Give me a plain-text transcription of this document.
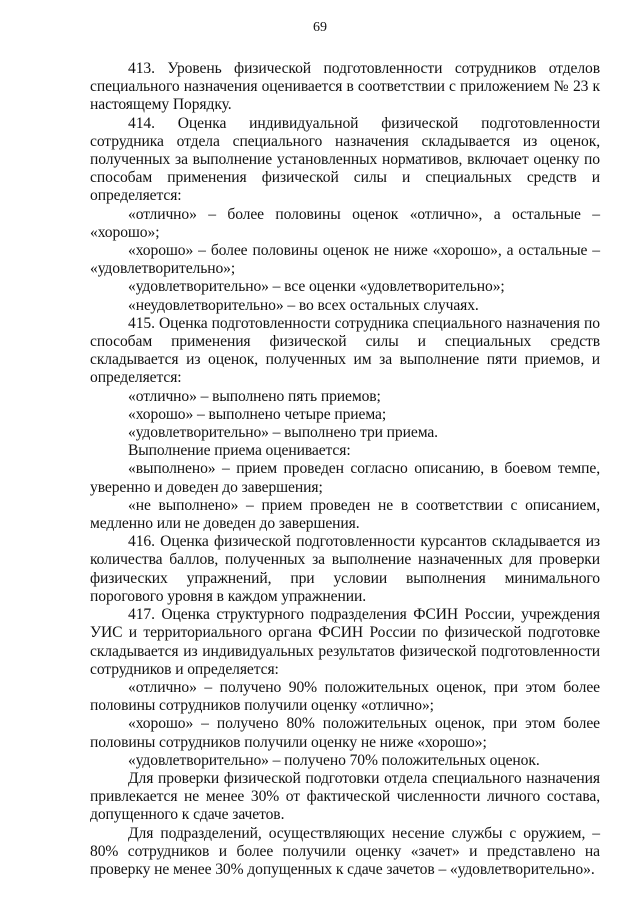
69

413. Уровень физической подготовленности сотрудников отделов специального назначения оценивается в соответствии с приложением № 23 к настоящему Порядку.

414. Оценка индивидуальной физической подготовленности сотрудника отдела специального назначения складывается из оценок, полученных за выполнение установленных нормативов, включает оценку по способам применения физической силы и специальных средств и определяется:

«отлично» – более половины оценок «отлично», а остальные – «хорошо»;

«хорошо» – более половины оценок не ниже «хорошо», а остальные – «удовлетворительно»;

«удовлетворительно» – все оценки «удовлетворительно»;

«неудовлетворительно» – во всех остальных случаях.

415. Оценка подготовленности сотрудника специального назначения по способам применения физической силы и специальных средств складывается из оценок, полученных им за выполнение пяти приемов, и определяется:

«отлично» – выполнено пять приемов;

«хорошо» – выполнено четыре приема;

«удовлетворительно» – выполнено три приема.

Выполнение приема оценивается:

«выполнено» – прием проведен согласно описанию, в боевом темпе, уверенно и доведен до завершения;

«не выполнено» – прием проведен не в соответствии с описанием, медленно или не доведен до завершения.

416. Оценка физической подготовленности курсантов складывается из количества баллов, полученных за выполнение назначенных для проверки физических упражнений, при условии выполнения минимального порогового уровня в каждом упражнении.

417. Оценка структурного подразделения ФСИН России, учреждения УИС и территориального органа ФСИН России по физической подготовке складывается из индивидуальных результатов физической подготовленности сотрудников и определяется:

«отлично» – получено 90% положительных оценок, при этом более половины сотрудников получили оценку «отлично»;

«хорошо» – получено 80% положительных оценок, при этом более половины сотрудников получили оценку не ниже «хорошо»;

«удовлетворительно» – получено 70% положительных оценок.

Для проверки физической подготовки отдела специального назначения привлекается не менее 30% от фактической численности личного состава, допущенного к сдаче зачетов.

Для подразделений, осуществляющих несение службы с оружием, – 80% сотрудников и более получили оценку «зачет» и представлено на проверку не менее 30% допущенных к сдаче зачетов – «удовлетворительно».
